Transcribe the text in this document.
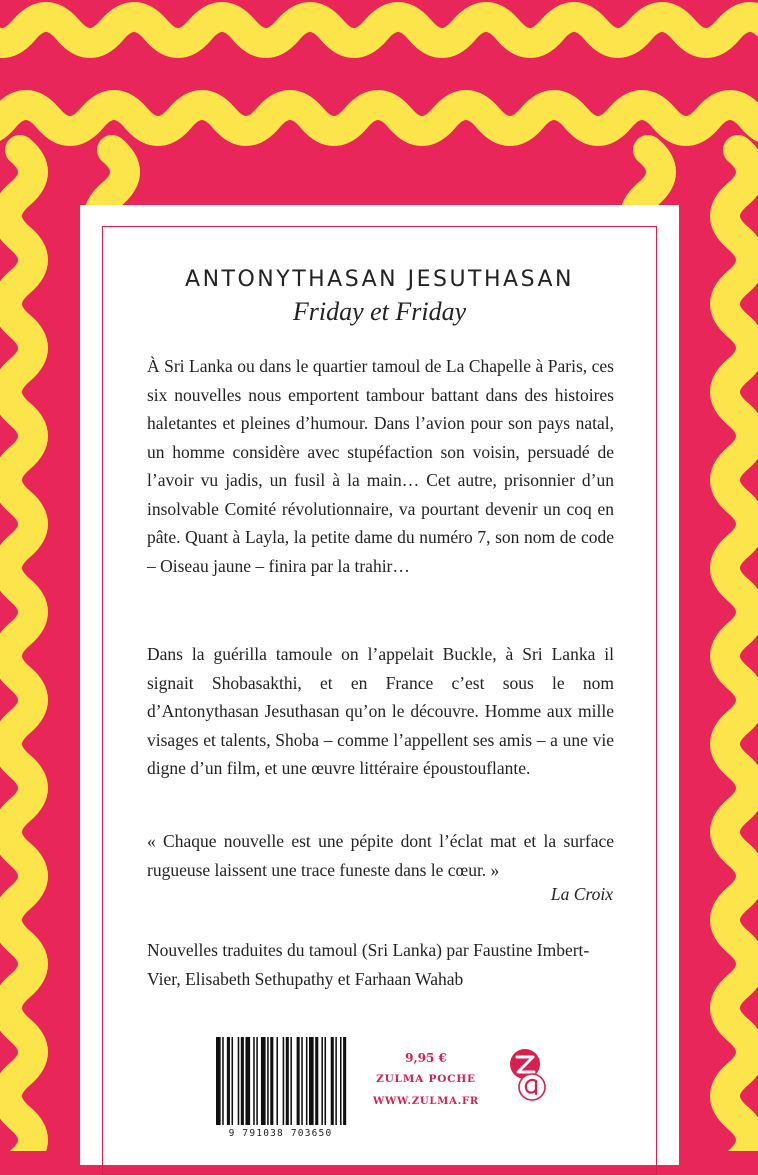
ANTONYTHASAN JESUTHASAN
Friday et Friday

À Sri Lanka ou dans le quartier tamoul de La Chapelle à Paris, ces six nouvelles nous emportent tambour battant dans des histoires haletantes et pleines d’humour. Dans l’avion pour son pays natal, un homme considère avec stupéfaction son voisin, persuadé de l’avoir vu jadis, un fusil à la main… Cet autre, prisonnier d’un insolvable Comité révolutionnaire, va pourtant devenir un coq en pâte. Quant à Layla, la petite dame du numéro 7, son nom de code – Oiseau jaune – finira par la trahir…

Dans la guérilla tamoule on l’appelait Buckle, à Sri Lanka il signait Shobasakthi, et en France c’est sous le nom d’Antonythasan Jesuthasan qu’on le découvre. Homme aux mille visages et talents, Shoba – comme l’appellent ses amis – a une vie digne d’un film, et une œuvre littéraire époustouflante.

« Chaque nouvelle est une pépite dont l’éclat mat et la surface rugueuse laissent une trace funeste dans le cœur. »

La Croix

Nouvelles traduites du tamoul (Sri Lanka) par Faustine Imbert-Vier, Elisabeth Sethupathy et Farhaan Wahab

9 791038 703650
9,95 €
ZULMA POCHE
WWW.ZULMA.FR
